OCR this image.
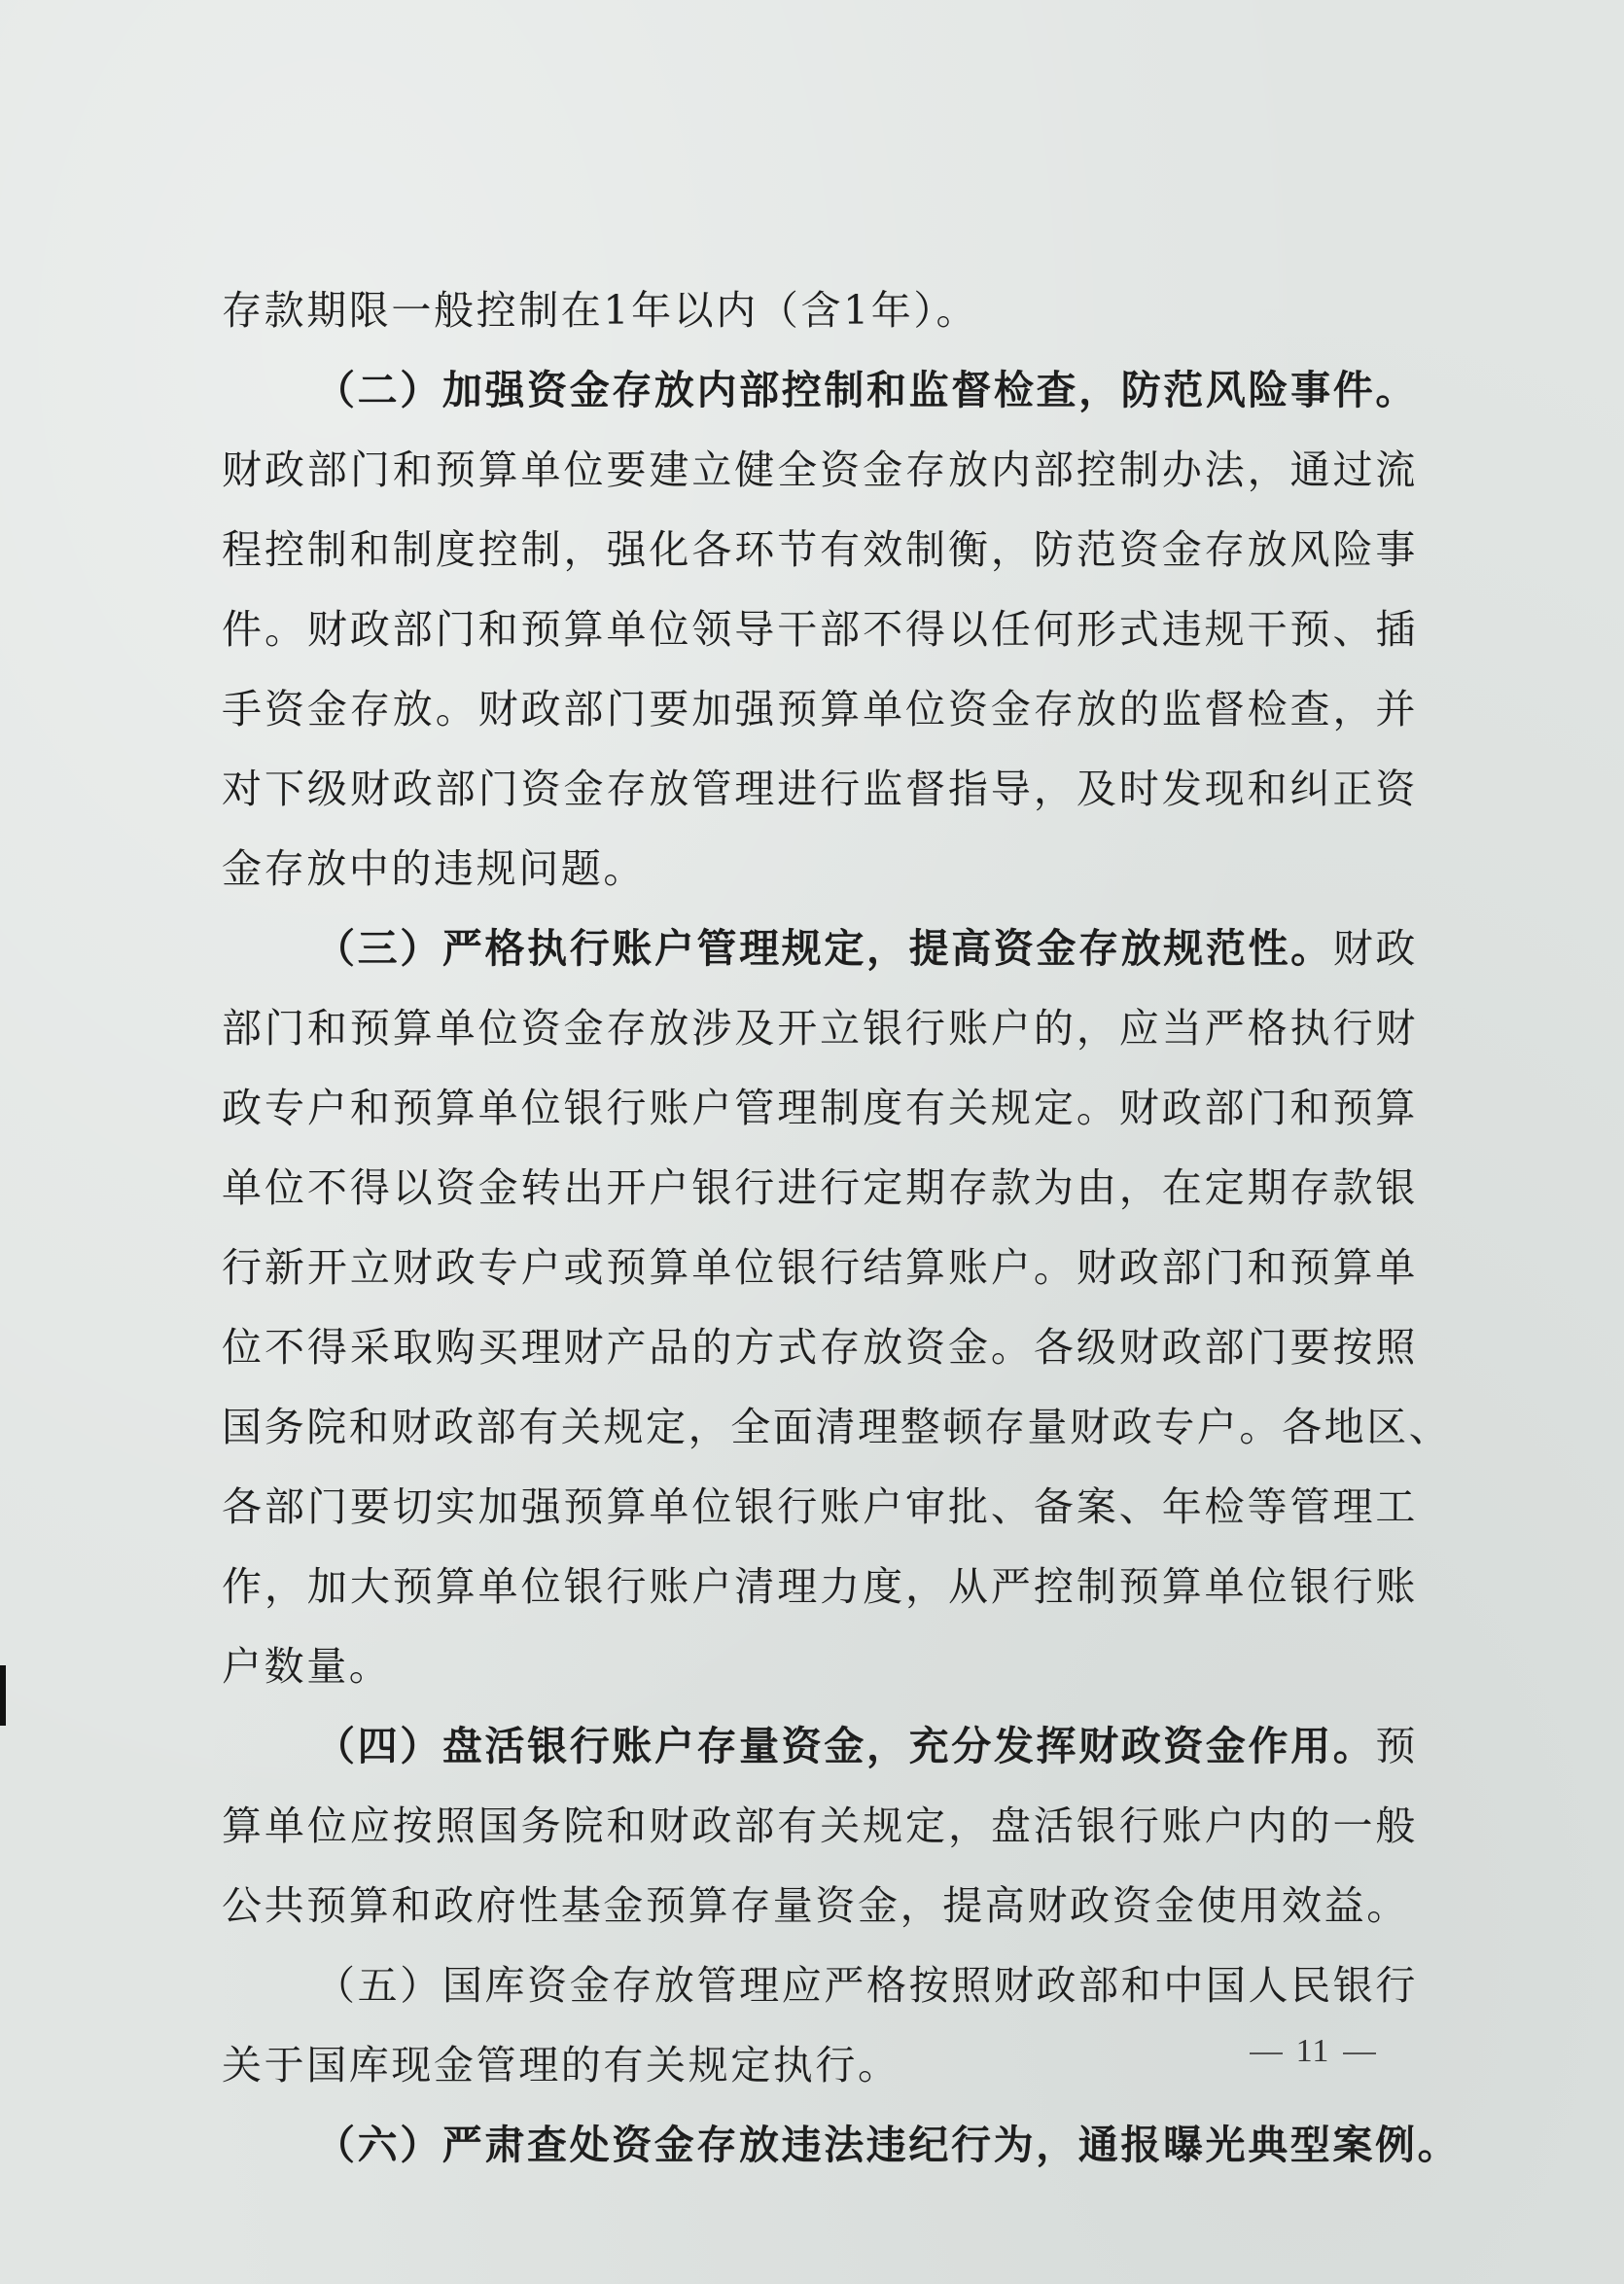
存款期限一般控制在1年以内（含1年）。
（二）加强资金存放内部控制和监督检查，防范风险事件。
财政部门和预算单位要建立健全资金存放内部控制办法，通过流
程控制和制度控制，强化各环节有效制衡，防范资金存放风险事
件。财政部门和预算单位领导干部不得以任何形式违规干预、插
手资金存放。财政部门要加强预算单位资金存放的监督检查，并
对下级财政部门资金存放管理进行监督指导，及时发现和纠正资
金存放中的违规问题。
（三）严格执行账户管理规定，提高资金存放规范性。财政
部门和预算单位资金存放涉及开立银行账户的，应当严格执行财
政专户和预算单位银行账户管理制度有关规定。财政部门和预算
单位不得以资金转出开户银行进行定期存款为由，在定期存款银
行新开立财政专户或预算单位银行结算账户。财政部门和预算单
位不得采取购买理财产品的方式存放资金。各级财政部门要按照
国务院和财政部有关规定，全面清理整顿存量财政专户。各地区、
各部门要切实加强预算单位银行账户审批、备案、年检等管理工
作，加大预算单位银行账户清理力度，从严控制预算单位银行账
户数量。
（四）盘活银行账户存量资金，充分发挥财政资金作用。预
算单位应按照国务院和财政部有关规定，盘活银行账户内的一般
公共预算和政府性基金预算存量资金，提高财政资金使用效益。
（五）国库资金存放管理应严格按照财政部和中国人民银行
关于国库现金管理的有关规定执行。
（六）严肃查处资金存放违法违纪行为，通报曝光典型案例。
11
